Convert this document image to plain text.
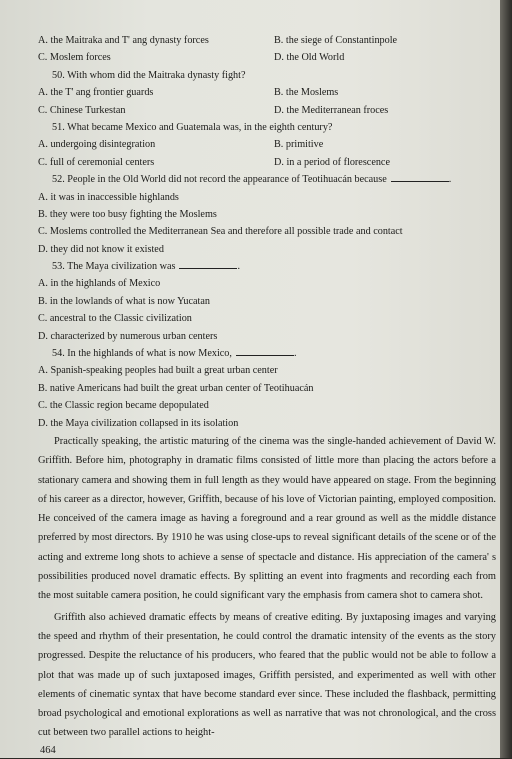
A. the Maitraka and T' ang dynasty forces	B. the siege of Constantinpole
C. Moslem forces	D. the Old World
50. With whom did the Maitraka dynasty fight?
A. the T' ang frontier guards	B. the Moslems
C. Chinese Turkestan	D. the Mediterranean froces
51. What became Mexico and Guatemala was, in the eighth century?
A. undergoing disintegration	B. primitive
C. full of ceremonial centers	D. in a period of florescence
52. People in the Old World did not record the appearance of Teotihuacán because	.
A. it was in inaccessible highlands
B. they were too busy fighting the Moslems
C. Moslems controlled the Mediterranean Sea and therefore all possible trade and contact
D. they did not know it existed
53. The Maya civilization was	.
A. in the highlands of Mexico
B. in the lowlands of what is now Yucatan
C. ancestral to the Classic civilization
D. characterized by numerous urban centers
54. In the highlands of what is now Mexico,	.
A. Spanish-speaking peoples had built a great urban center
B. native Americans had built the great urban center of Teotihuacán
C. the Classic region became depopulated
D. the Maya civilization collapsed in its isolation

Practically speaking, the artistic maturing of the cinema was the single-handed achievement of David W. Griffith. Before him, photography in dramatic films consisted of little more than placing the actors before a stationary camera and showing them in full length as they would have appeared on stage. From the beginning of his career as a director, however, Griffith, because of his love of Victorian painting, employed composition. He conceived of the camera image as having a foreground and a rear ground as well as the middle distance preferred by most directors. By 1910 he was using close-ups to reveal significant details of the scene or of the acting and extreme long shots to achieve a sense of spectacle and distance. His appreciation of the camera' s possibilities produced novel dramatic effects. By splitting an event into fragments and recording each from the most suitable camera position, he could significant vary the emphasis from camera shot to camera shot.

Griffith also achieved dramatic effects by means of creative editing. By juxtaposing images and varying the speed and rhythm of their presentation, he could control the dramatic intensity of the events as the story progressed. Despite the reluctance of his producers, who feared that the public would not be able to follow a plot that was made up of such juxtaposed images, Griffith persisted, and experimented as well with other elements of cinematic syntax that have become standard ever since. These included the flashback, permitting broad psychological and emotional explorations as well as narrative that was not chronological, and the cross cut between two parallel actions to height-

464
